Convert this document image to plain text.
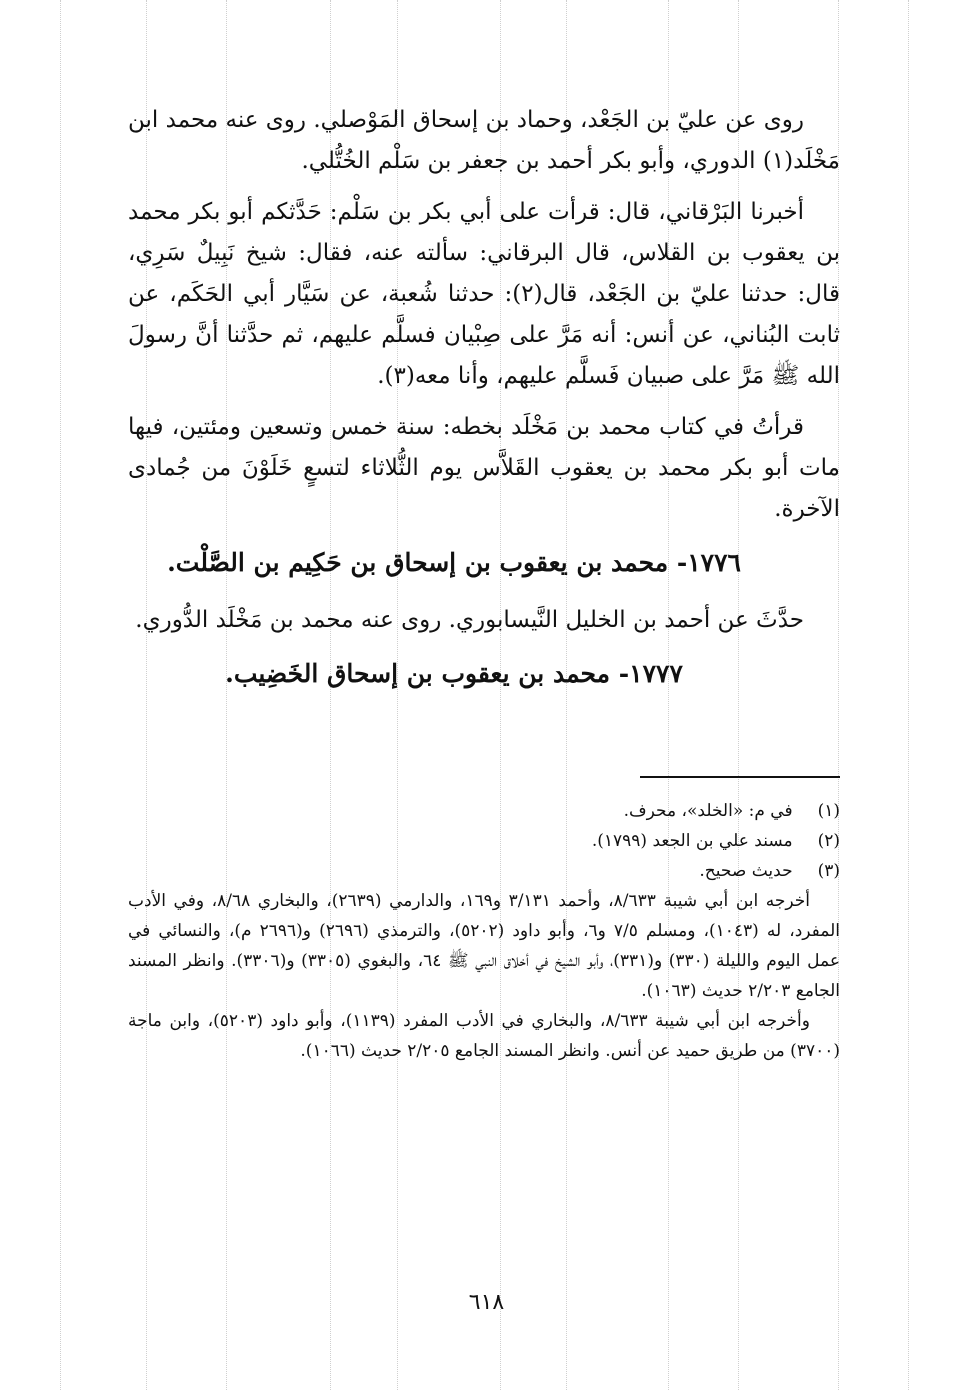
روى عن عليّ بن الجَعْد، وحماد بن إسحاق المَوْصلي. روى عنه محمد ابن مَخْلَد(١) الدوري، وأبو بكر أحمد بن جعفر بن سَلْم الخُتُّلي.

أخبرنا البَرْقاني، قال: قرأت على أبي بكر بن سَلْم: حَدَّثكم أبو بكر محمد بن يعقوب بن القلاس، قال البرقاني: سألته عنه، فقال: شيخ نَبِيلٌ سَرِي، قال: حدثنا عليّ بن الجَعْد، قال(٢): حدثنا شُعبة، عن سَيَّار أبي الحَكَم، عن ثابت البُناني، عن أنس: أنه مَرَّ على صِبْيان فسلَّم عليهم، ثم حدَّثنا أنَّ رسولَ الله ﷺ مَرَّ على صبيان فَسلَّم عليهم، وأنا معه(٣).

قرأتُ في كتاب محمد بن مَخْلَد بخطه: سنة خمس وتسعين ومئتين، فيها مات أبو بكر محمد بن يعقوب القَلاَّس يوم الثُّلاثاء لتسعٍ خَلَوْنَ من جُمادى الآخرة.

١٧٧٦- محمد بن يعقوب بن إسحاق بن حَكِيم بن الصَّلْت.

حدَّثَ عن أحمد بن الخليل النَّيسابوري. روى عنه محمد بن مَخْلَد الدُّوري.

١٧٧٧- محمد بن يعقوب بن إسحاق الخَضِيب.

(١) في م: «الخلد»، محرف.

(٢) مسند علي بن الجعد (١٧٩٩).

(٣) حديث صحيح.

أخرجه ابن أبي شيبة ٨/٦٣٣، وأحمد ٣/١٣١ و١٦٩، والدارمي (٢٦٣٩)، والبخاري ٨/٦٨، وفي الأدب المفرد، له (١٠٤٣)، ومسلم ٧/٥ و٦، وأبو داود (٥٢٠٢)، والترمذي (٢٦٩٦) و(٢٦٩٦ م)، والنسائي في عمل اليوم والليلة (٣٣٠) و(٣٣١)، وأبو الشيخ في أخلاق النبي ﷺ ٦٤، والبغوي (٣٣٠٥) و(٣٣٠٦). وانظر المسند الجامع ٢/٢٠٣ حديث (١٠٦٣).

وأخرجه ابن أبي شيبة ٨/٦٣٣، والبخاري في الأدب المفرد (١١٣٩)، وأبو داود (٥٢٠٣)، وابن ماجة (٣٧٠٠) من طريق حميد عن أنس. وانظر المسند الجامع ٢/٢٠٥ حديث (١٠٦٦).

٦١٨
